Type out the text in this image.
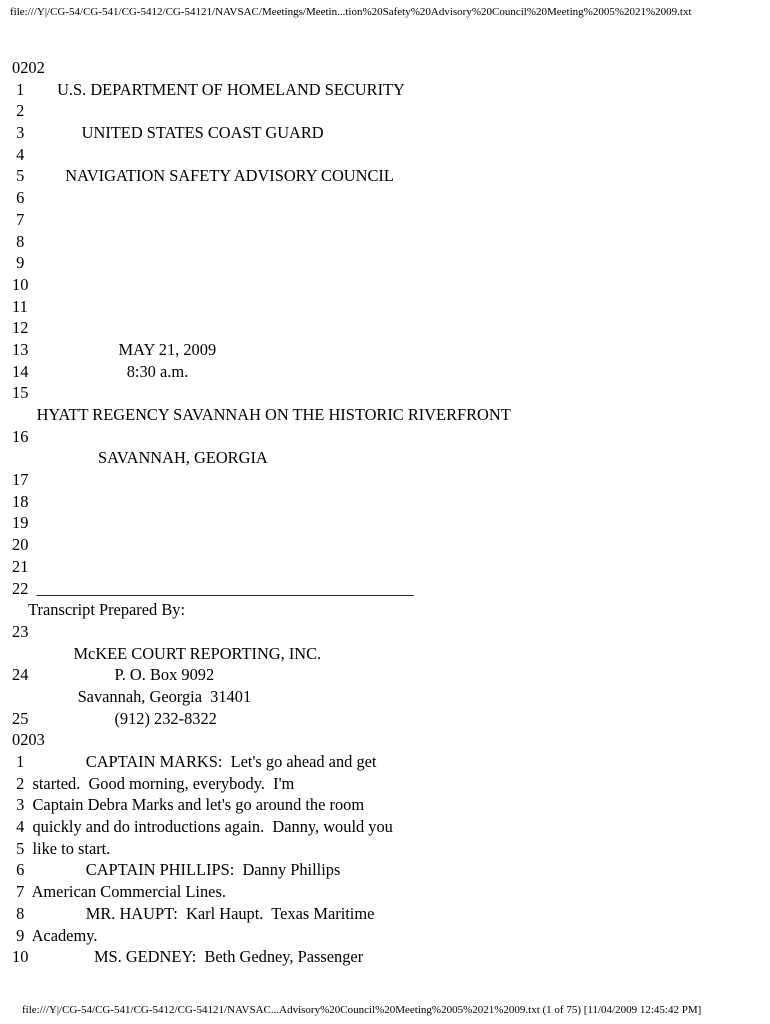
file:///Y|/CG-54/CG-541/CG-5412/CG-54121/NAVSAC/Meetings/Meetin...tion%20Safety%20Advisory%20Council%20Meeting%2005%2021%2009.txt
0202
1        U.S. DEPARTMENT OF HOMELAND SECURITY
2
3              UNITED STATES COAST GUARD
4
5          NAVIGATION SAFETY ADVISORY COUNCIL
6
7
8
9
10
11
12
13                      MAY 21, 2009
14                        8:30 a.m.
15
HYATT REGENCY SAVANNAH ON THE HISTORIC RIVERFRONT
16
SAVANNAH, GEORGIA
17
18
19
20
21
22  ______________________________________________
Transcript Prepared By:
23
McKEE COURT REPORTING, INC.
24                     P. O. Box 9092
Savannah, Georgia  31401
25                     (912) 232-8322
0203
1               CAPTAIN MARKS:  Let's go ahead and get
2  started.  Good morning, everybody.  I'm
3  Captain Debra Marks and let's go around the room
4  quickly and do introductions again.  Danny, would you
5  like to start.
6               CAPTAIN PHILLIPS:  Danny Phillips
7  American Commercial Lines.
8               MR. HAUPT:  Karl Haupt.  Texas Maritime
9  Academy.
10                MS. GEDNEY:  Beth Gedney, Passenger
file:///Y|/CG-54/CG-541/CG-5412/CG-54121/NAVSAC...Advisory%20Council%20Meeting%2005%2021%2009.txt (1 of 75) [11/04/2009 12:45:42 PM]
